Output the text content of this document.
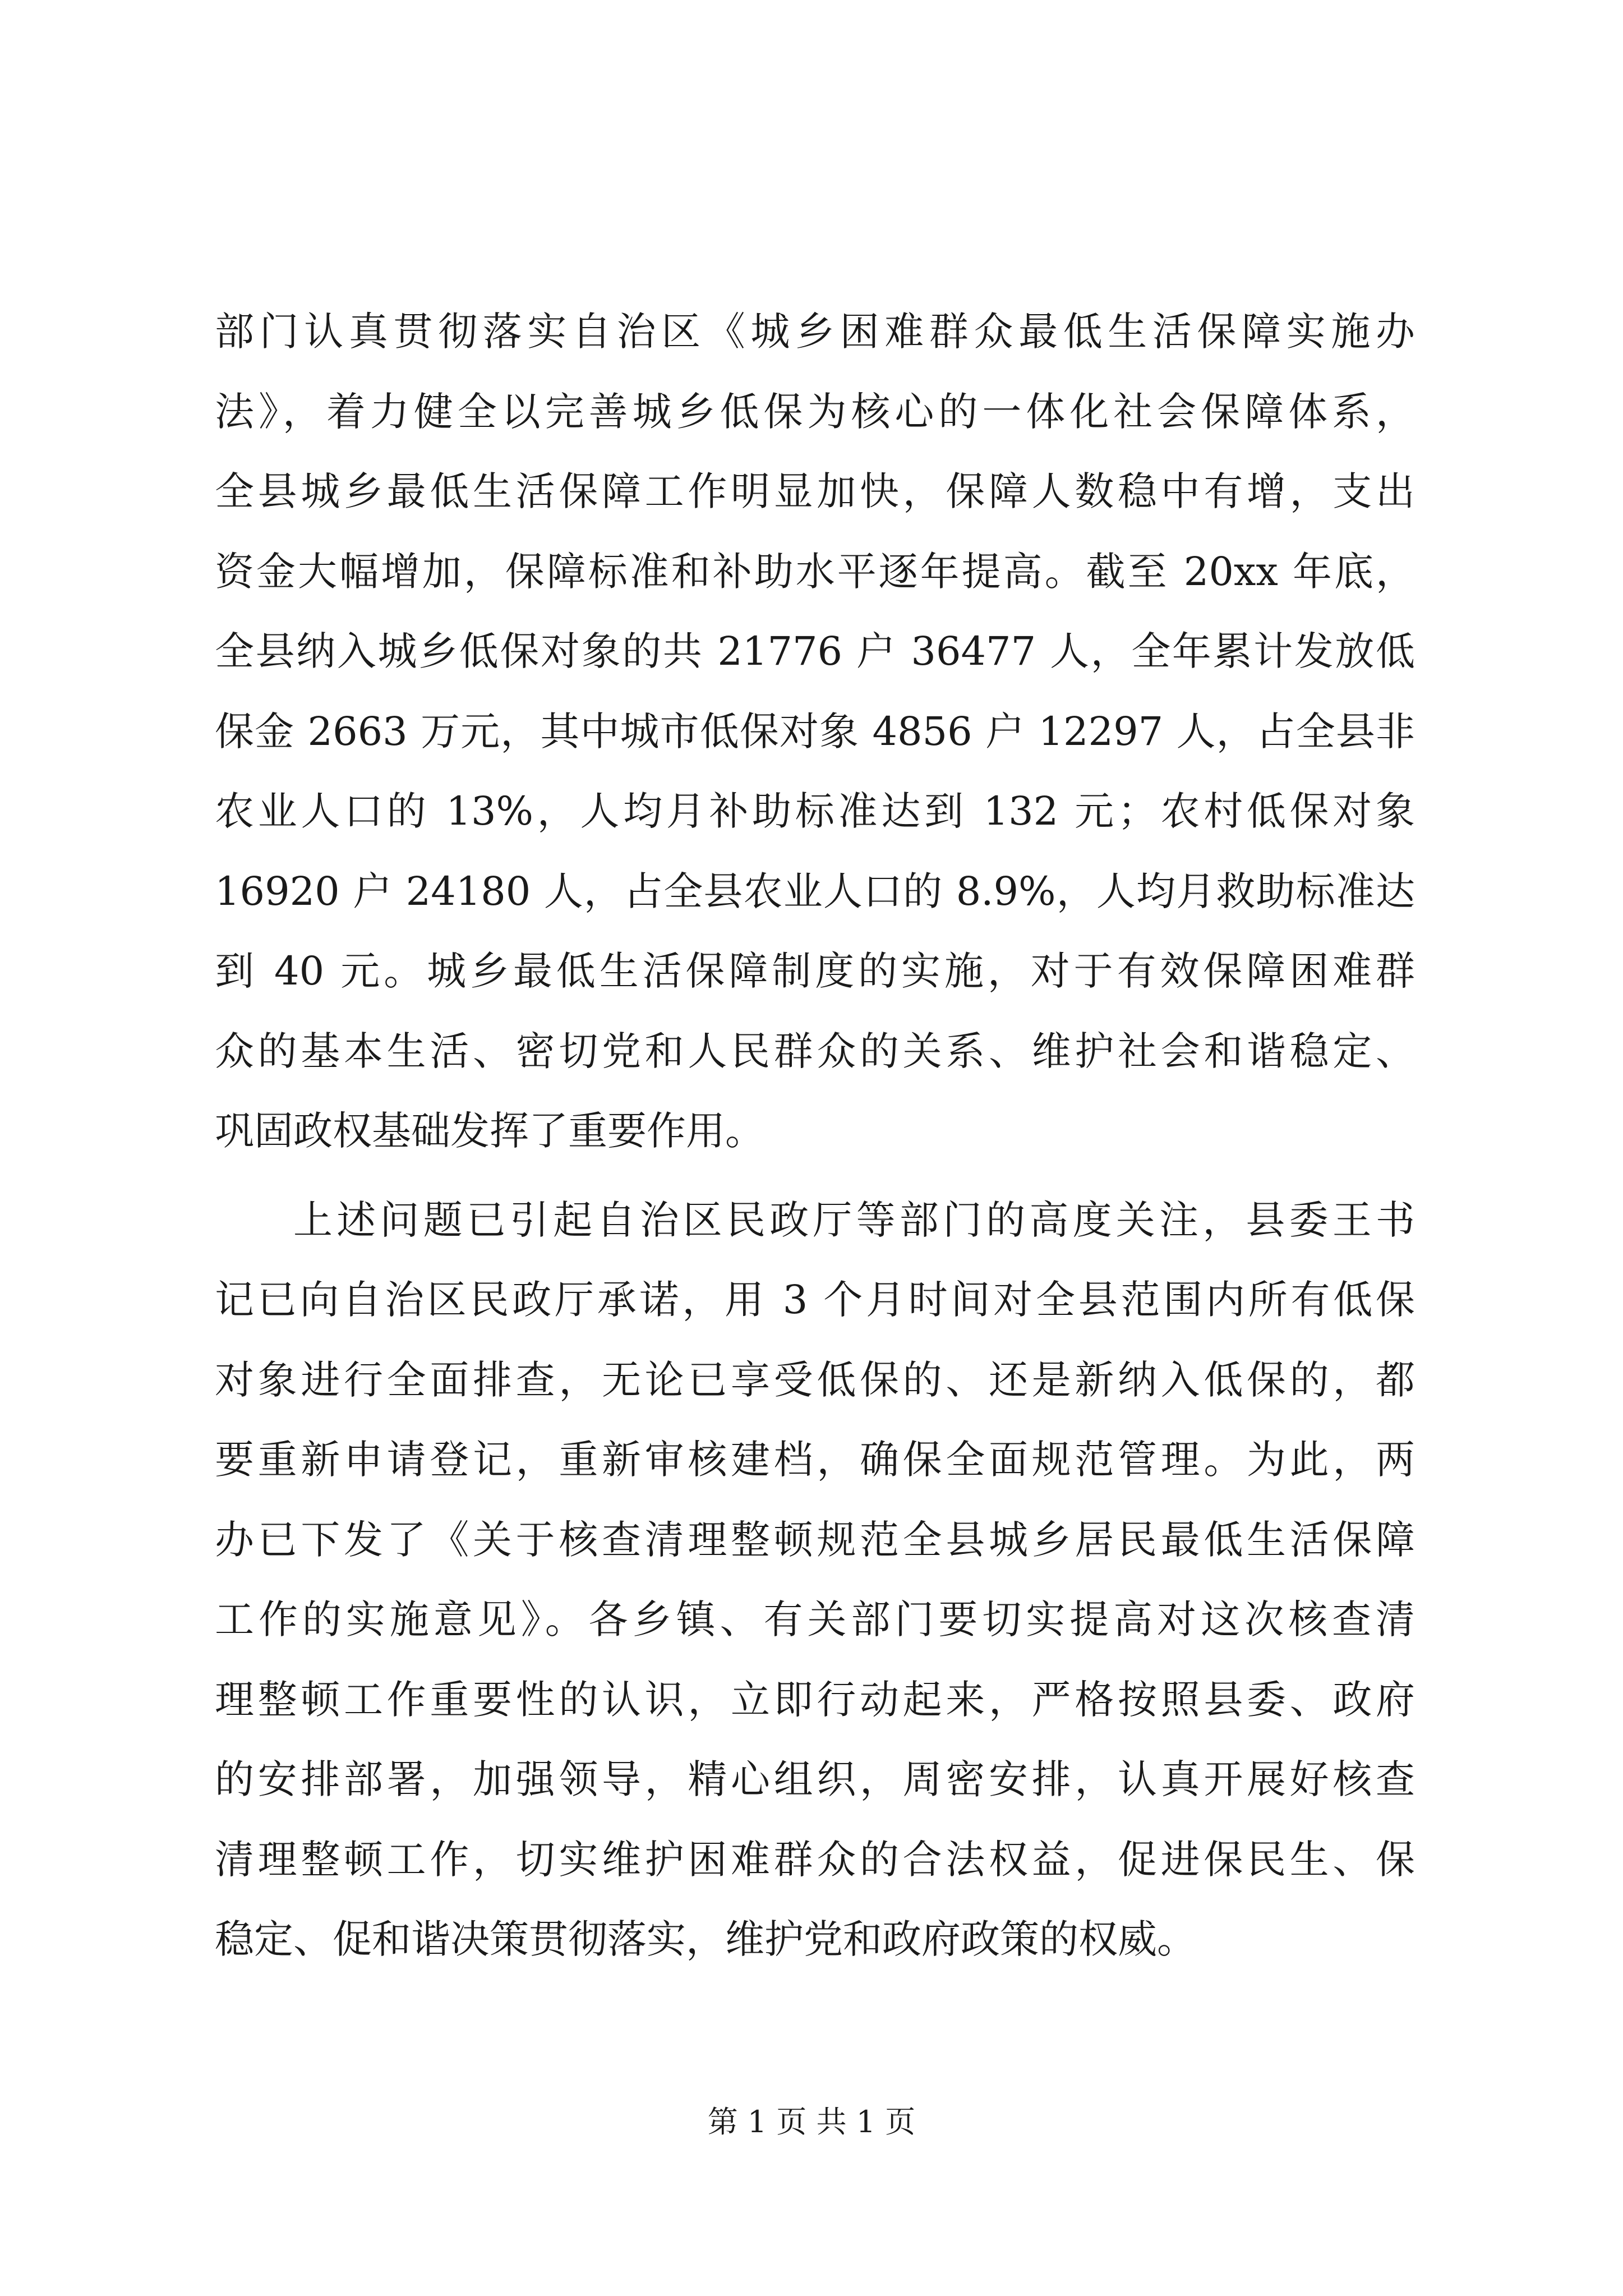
部门认真贯彻落实自治区《城乡困难群众最低生活保障实施办
法》，着力健全以完善城乡低保为核心的一体化社会保障体系，
全县城乡最低生活保障工作明显加快，保障人数稳中有增，支出
资金大幅增加，保障标准和补助水平逐年提高。截至 20xx 年底，
全县纳入城乡低保对象的共 21776 户 36477 人，全年累计发放低
保金 2663 万元，其中城市低保对象 4856 户 12297 人，占全县非
农业人口的 13%，人均月补助标准达到 132 元；农村低保对象
16920 户 24180 人，占全县农业人口的 8.9%，人均月救助标准达
到 40 元。城乡最低生活保障制度的实施，对于有效保障困难群
众的基本生活、密切党和人民群众的关系、维护社会和谐稳定、
巩固政权基础发挥了重要作用。
上述问题已引起自治区民政厅等部门的高度关注，县委王书
记已向自治区民政厅承诺，用 3 个月时间对全县范围内所有低保
对象进行全面排查，无论已享受低保的、还是新纳入低保的，都
要重新申请登记，重新审核建档，确保全面规范管理。为此，两
办已下发了《关于核查清理整顿规范全县城乡居民最低生活保障
工作的实施意见》。各乡镇、有关部门要切实提高对这次核查清
理整顿工作重要性的认识，立即行动起来，严格按照县委、政府
的安排部署，加强领导，精心组织，周密安排，认真开展好核查
清理整顿工作，切实维护困难群众的合法权益，促进保民生、保
稳定、促和谐决策贯彻落实，维护党和政府政策的权威。
第 1 页 共 1 页
